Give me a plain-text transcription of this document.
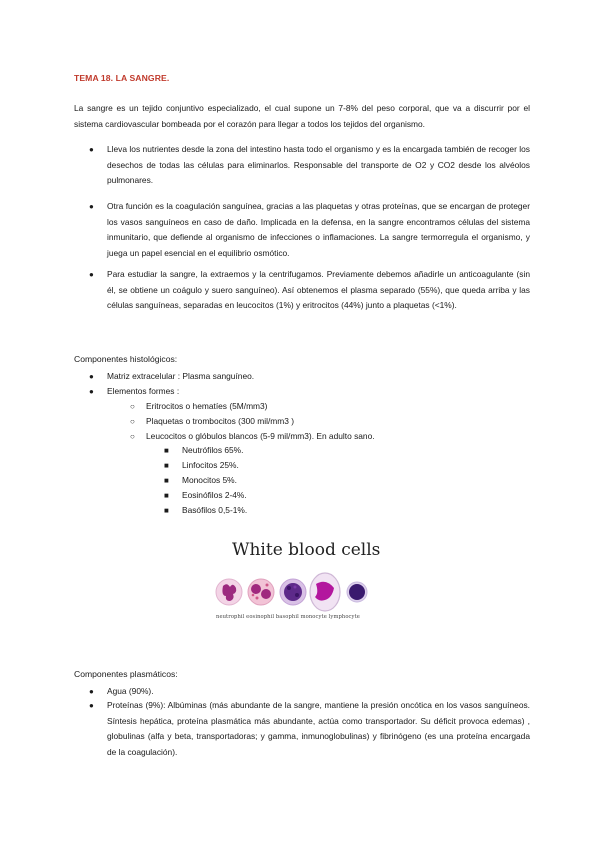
TEMA 18. LA SANGRE.
La sangre es un tejido conjuntivo especializado, el cual supone un 7-8% del peso corporal, que va a discurrir por el sistema cardiovascular bombeada por el corazón para llegar a todos los tejidos del organismo.
● Lleva los nutrientes desde la zona del intestino hasta todo el organismo y es la encargada también de recoger los desechos de todas las células para eliminarlos. Responsable del transporte de O2 y CO2 desde los alvéolos pulmonares.
● Otra función es la coagulación sanguínea, gracias a las plaquetas y otras proteínas, que se encargan de proteger los vasos sanguíneos en caso de daño. Implicada en la defensa, en la sangre encontramos células del sistema inmunitario, que defiende al organismo de infecciones o inflamaciones. La sangre termorregula el organismo, y juega un papel esencial en el equilibrio osmótico.
● Para estudiar la sangre, la extraemos y la centrifugamos. Previamente debemos añadirle un anticoagulante (sin él, se obtiene un coágulo y suero sanguíneo). Así obtenemos el plasma separado (55%), que queda arriba y las células sanguíneas, separadas en leucocitos (1%) y eritrocitos (44%) junto a plaquetas (<1%).
Componentes histológicos:
● Matriz extracelular : Plasma sanguíneo.
● Elementos formes :
○ Eritrocitos o hematíes (5M/mm3)
○ Plaquetas o trombocitos (300 mil/mm3 )
○ Leucocitos o glóbulos blancos (5-9 mil/mm3). En adulto sano.
■ Neutrófilos 65%.
■ Linfocitos 25%.
■ Monocitos 5%.
■ Eosinófilos 2-4%.
■ Basófilos 0,5-1%.
White blood cells
neutrophil eosinophil basophil monocyte lymphocyte
Componentes plasmáticos:
● Agua (90%).
● Proteínas (9%): Albúminas (más abundante de la sangre, mantiene la presión oncótica en los vasos sanguíneos. Síntesis hepática, proteína plasmática más abundante, actúa como transportador. Su déficit provoca edemas) , globulinas (alfa y beta, transportadoras; y gamma, inmunoglobulinas) y fibrinógeno (es una proteína encargada de la coagulación).
